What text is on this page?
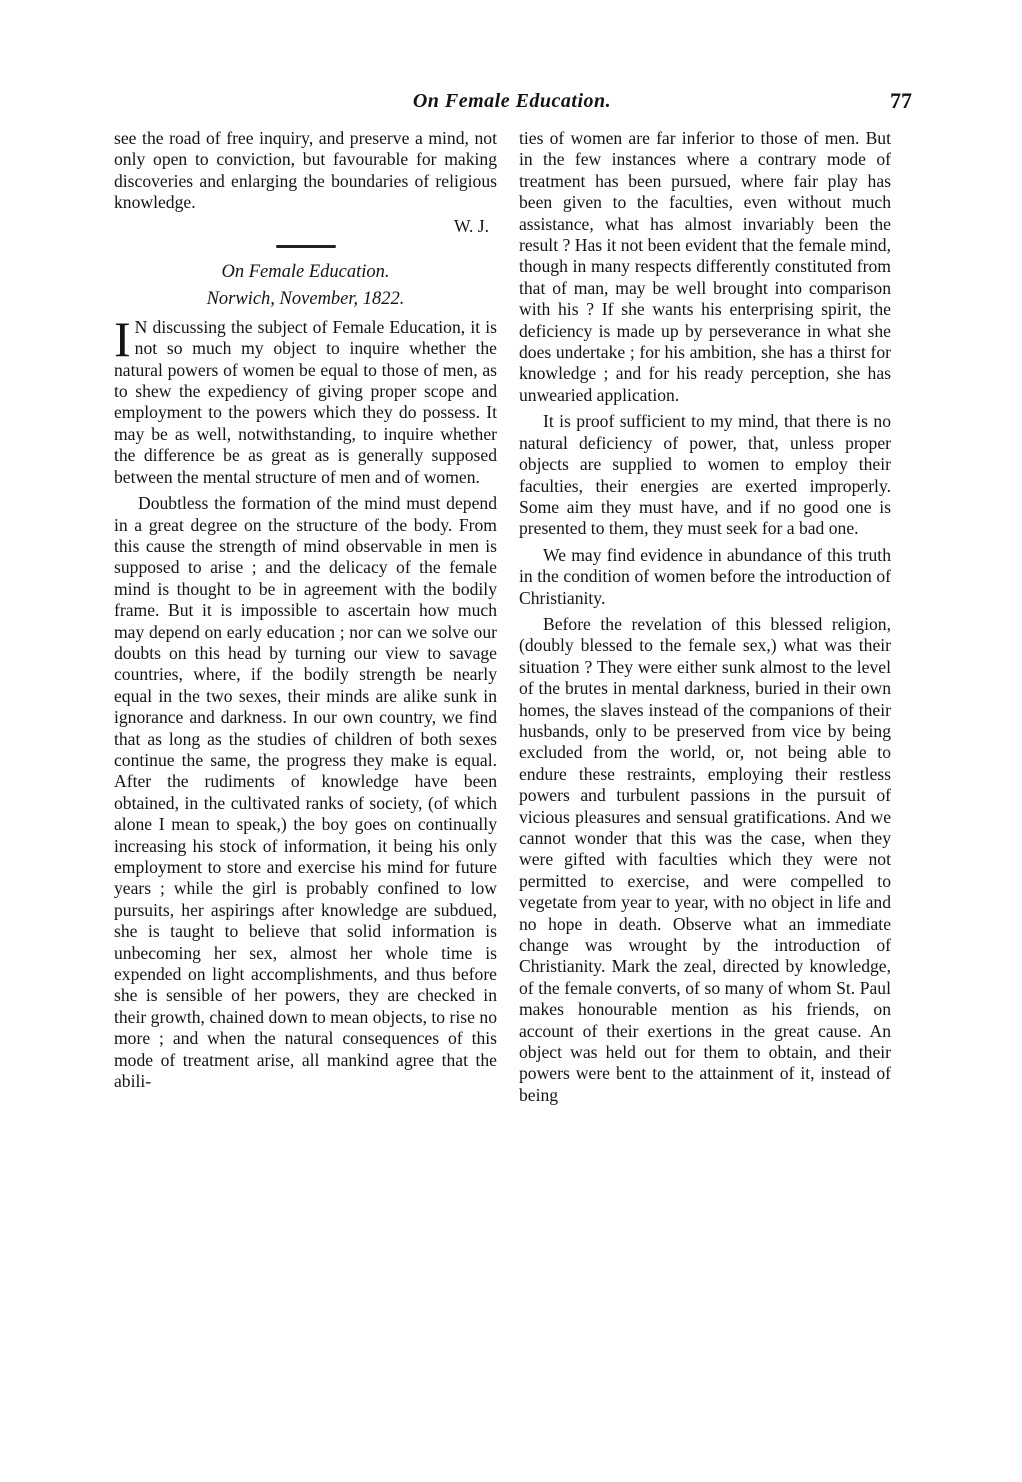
On Female Education.	77

see the road of free inquiry, and preserve a mind, not only open to conviction, but favourable for making discoveries and enlarging the boundaries of religious knowledge.

W. J.
On Female Education.
Norwich, November, 1822.

I N discussing the subject of Female Education, it is not so much my object to inquire whether the natural powers of women be equal to those of men, as to shew the expediency of giving proper scope and employment to the powers which they do possess. It may be as well, notwithstanding, to inquire whether the difference be as great as is generally supposed between the mental structure of men and of women.

Doubtless the formation of the mind must depend in a great degree on the structure of the body. From this cause the strength of mind observable in men is supposed to arise ; and the delicacy of the female mind is thought to be in agreement with the bodily frame. But it is impossible to ascertain how much may depend on early education ; nor can we solve our doubts on this head by turning our view to savage countries, where, if the bodily strength be nearly equal in the two sexes, their minds are alike sunk in ignorance and darkness. In our own country, we find that as long as the studies of children of both sexes continue the same, the progress they make is equal. After the rudiments of knowledge have been obtained, in the cultivated ranks of society, (of which alone I mean to speak,) the boy goes on continually increasing his stock of information, it being his only employment to store and exercise his mind for future years ; while the girl is probably confined to low pursuits, her aspirings after knowledge are subdued, she is taught to believe that solid information is unbecoming her sex, almost her whole time is expended on light accomplishments, and thus before she is sensible of her powers, they are checked in their growth, chained down to mean objects, to rise no more ; and when the natural consequences of this mode of treatment arise, all mankind agree that the abili-

ties of women are far inferior to those of men. But in the few instances where a contrary mode of treatment has been pursued, where fair play has been given to the faculties, even without much assistance, what has almost invariably been the result ? Has it not been evident that the female mind, though in many respects differently constituted from that of man, may be well brought into comparison with his ? If she wants his enterprising spirit, the deficiency is made up by perseverance in what she does undertake ; for his ambition, she has a thirst for knowledge ; and for his ready perception, she has unwearied application.

It is proof sufficient to my mind, that there is no natural deficiency of power, that, unless proper objects are supplied to women to employ their faculties, their energies are exerted improperly. Some aim they must have, and if no good one is presented to them, they must seek for a bad one.

We may find evidence in abundance of this truth in the condition of women before the introduction of Christianity.

Before the revelation of this blessed religion, (doubly blessed to the female sex,) what was their situation ? They were either sunk almost to the level of the brutes in mental darkness, buried in their own homes, the slaves instead of the companions of their husbands, only to be preserved from vice by being excluded from the world, or, not being able to endure these restraints, employing their restless powers and turbulent passions in the pursuit of vicious pleasures and sensual gratifications. And we cannot wonder that this was the case, when they were gifted with faculties which they were not permitted to exercise, and were compelled to vegetate from year to year, with no object in life and no hope in death. Observe what an immediate change was wrought by the introduction of Christianity. Mark the zeal, directed by knowledge, of the female converts, of so many of whom St. Paul makes honourable mention as his friends, on account of their exertions in the great cause. An object was held out for them to obtain, and their powers were bent to the attainment of it, instead of being
